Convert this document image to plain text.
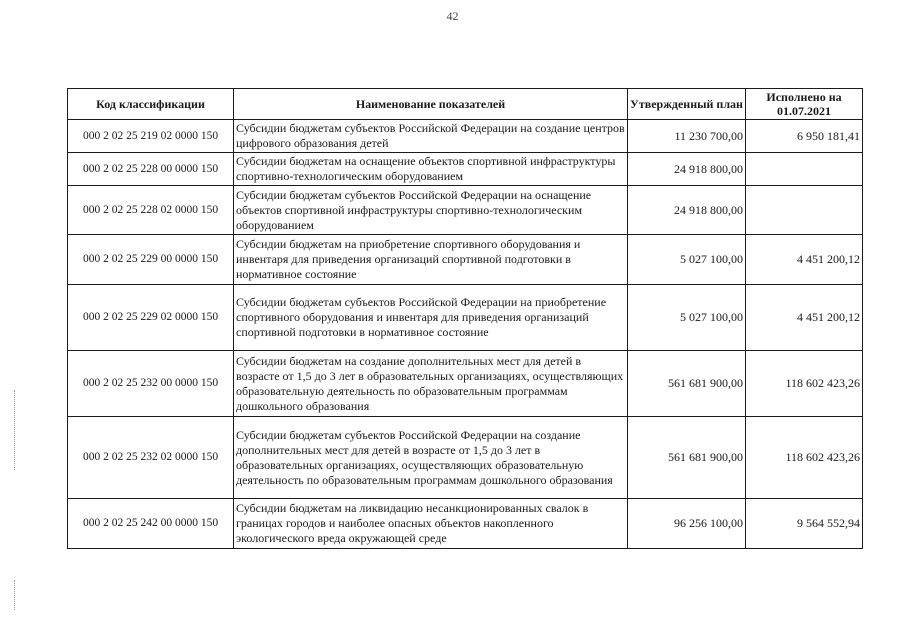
42
Код классификации	Наименование показателей	Утвержденный план	Исполнено на 01.07.2021
000 2 02 25 219 02 0000 150	Субсидии бюджетам субъектов Российской Федерации на создание центров цифрового образования детей	11 230 700,00	6 950 181,41
000 2 02 25 228 00 0000 150	Субсидии бюджетам на оснащение объектов спортивной инфраструктуры спортивно-технологическим оборудованием	24 918 800,00	
000 2 02 25 228 02 0000 150	Субсидии бюджетам субъектов Российской Федерации на оснащение объектов спортивной инфраструктуры спортивно-технологическим оборудованием	24 918 800,00	
000 2 02 25 229 00 0000 150	Субсидии бюджетам на приобретение спортивного оборудования и инвентаря для приведения организаций спортивной подготовки в нормативное состояние	5 027 100,00	4 451 200,12
000 2 02 25 229 02 0000 150	Субсидии бюджетам субъектов Российской Федерации на приобретение спортивного оборудования и инвентаря для приведения организаций спортивной подготовки в нормативное состояние	5 027 100,00	4 451 200,12
000 2 02 25 232 00 0000 150	Субсидии бюджетам на создание дополнительных мест для детей в возрасте от 1,5 до 3 лет в образовательных организациях, осуществляющих образовательную деятельность по образовательным программам дошкольного образования	561 681 900,00	118 602 423,26
000 2 02 25 232 02 0000 150	Субсидии бюджетам субъектов Российской Федерации на создание дополнительных мест для детей в возрасте от 1,5 до 3 лет в образовательных организациях, осуществляющих образовательную деятельность по образовательным программам дошкольного образования	561 681 900,00	118 602 423,26
000 2 02 25 242 00 0000 150	Субсидии бюджетам на ликвидацию несанкционированных свалок в границах городов и наиболее опасных объектов накопленного экологического вреда окружающей среде	96 256 100,00	9 564 552,94
